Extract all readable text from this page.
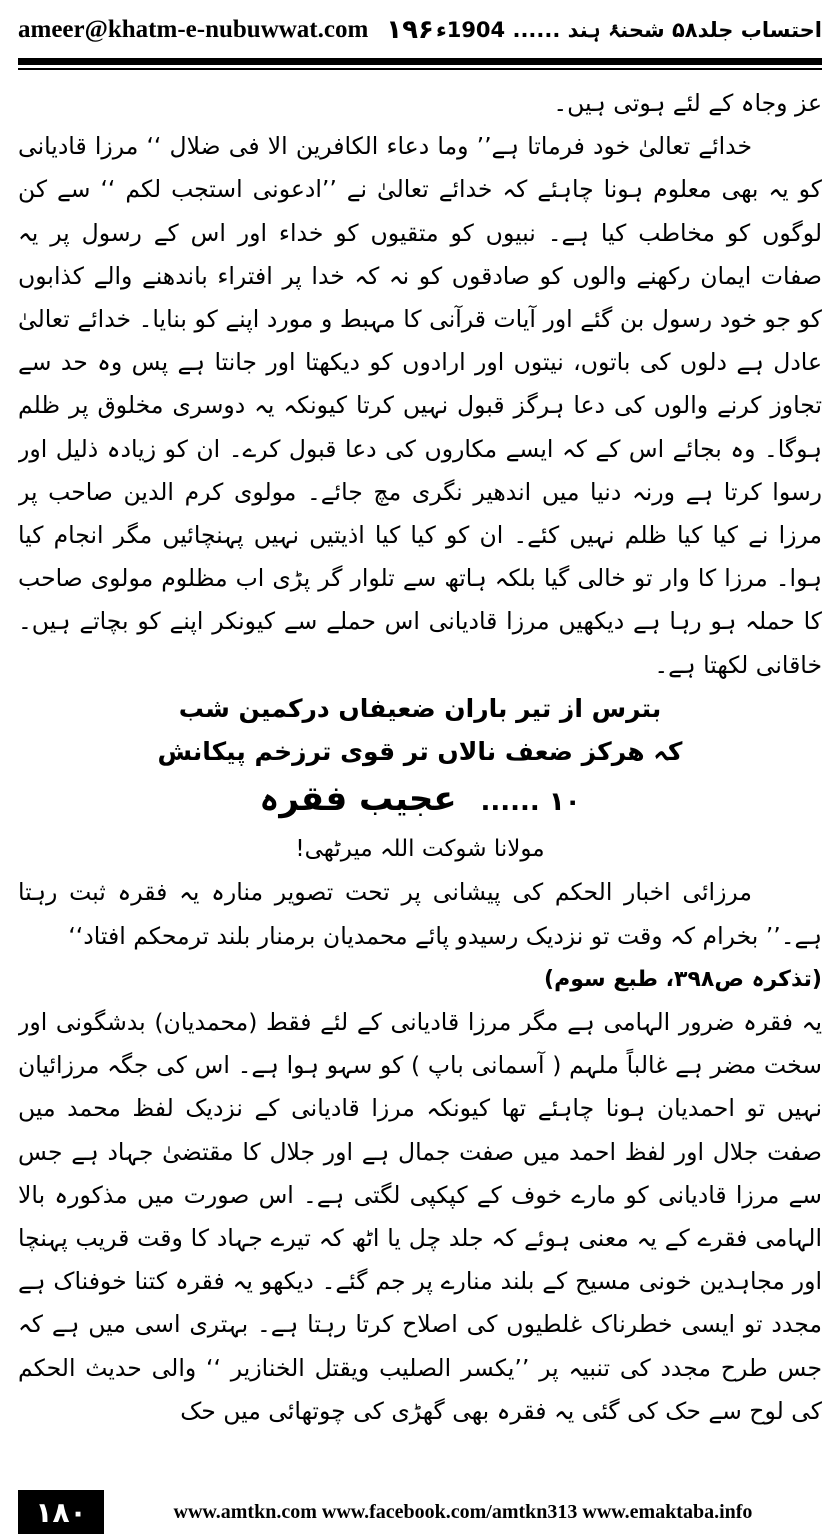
ameer@khatm-e-nubuwwat.com ۱۹۶ احتساب جلد۵۸ شحنۂ ہند ...... 1904ء

عز وجاہ کے لئے ہوتی ہیں۔

خدائے تعالیٰ خود فرماتا ہے’’ وما دعاء الکافرین الا فی ضلال ‘‘ مرزا قادیانی کو یہ بھی معلوم ہونا چاہئے کہ خدائے تعالیٰ نے ’’ادعونی استجب لکم ‘‘ سے کن لوگوں کو مخاطب کیا ہے۔ نبیوں کو متقیوں کو خداء اور اس کے رسول پر یہ صفات ایمان رکھنے والوں کو صادقوں کو نہ کہ خدا پر افتراء باندھنے والے کذابوں کو جو خود رسول بن گئے اور آیات قرآنی کا مہبط و مورد اپنے کو بنایا۔ خدائے تعالیٰ عادل ہے دلوں کی باتوں، نیتوں اور ارادوں کو دیکھتا اور جانتا ہے پس وہ حد سے تجاوز کرنے والوں کی دعا ہرگز قبول نہیں کرتا کیونکہ یہ دوسری مخلوق پر ظلم ہوگا۔ وہ بجائے اس کے کہ ایسے مکاروں کی دعا قبول کرے۔ ان کو زیادہ ذلیل اور رسوا کرتا ہے ورنہ دنیا میں اندھیر نگری مچ جائے۔ مولوی کرم الدین صاحب پر مرزا نے کیا کیا ظلم نہیں کئے۔ ان کو کیا کیا اذیتیں نہیں پہنچائیں مگر انجام کیا ہوا۔ مرزا کا وار تو خالی گیا بلکہ ہاتھ سے تلوار گر پڑی اب مظلوم مولوی صاحب کا حملہ ہو رہا ہے دیکھیں مرزا قادیانی اس حملے سے کیونکر اپنے کو بچاتے ہیں۔ خاقانی لکھتا ہے۔

بترس از تیر باران ضعیفاں درکمین شب

کہ ھرکز ضعف نالاں تر قوی ترزخم پیکانش

۱۰ ...... عجیب فقرہ

مولانا شوکت اللہ میرٹھی!

مرزائی اخبار الحکم کی پیشانی پر تحت تصویر منارہ یہ فقرہ ثبت رہتا ہے۔’’ بخرام کہ وقت تو نزدیک رسیدو پائے محمدیان برمنار بلند ترمحکم افتاد‘‘

(تذکرہ ص۳۹۸، طبع سوم)

یہ فقرہ ضرور الہامی ہے مگر مرزا قادیانی کے لئے فقط (محمدیان) بدشگونی اور سخت مضر ہے غالباً ملہم ( آسمانی باپ ) کو سہو ہوا ہے۔ اس کی جگہ مرزائیان نہیں تو احمدیان ہونا چاہئے تھا کیونکہ مرزا قادیانی کے نزدیک لفظ محمد میں صفت جلال اور لفظ احمد میں صفت جمال ہے اور جلال کا مقتضیٰ جہاد ہے جس سے مرزا قادیانی کو مارے خوف کے کپکپی لگتی ہے۔ اس صورت میں مذکورہ بالا الہامی فقرے کے یہ معنی ہوئے کہ جلد چل یا اٹھ کہ تیرے جہاد کا وقت قریب پہنچا اور مجاہدین خونی مسیح کے بلند منارے پر جم گئے۔ دیکھو یہ فقرہ کتنا خوفناک ہے مجدد تو ایسی خطرناک غلطیوں کی اصلاح کرتا رہتا ہے۔ بہتری اسی میں ہے کہ جس طرح مجدد کی تنبیہ پر ’’یکسر الصلیب ویقتل الخنازیر ‘‘ والی حدیث الحکم کی لوح سے حک کی گئی یہ فقرہ بھی گھڑی کی چوتھائی میں حک

۱۸۰	www.amtkn.com www.facebook.com/amtkn313 www.emaktaba.info
